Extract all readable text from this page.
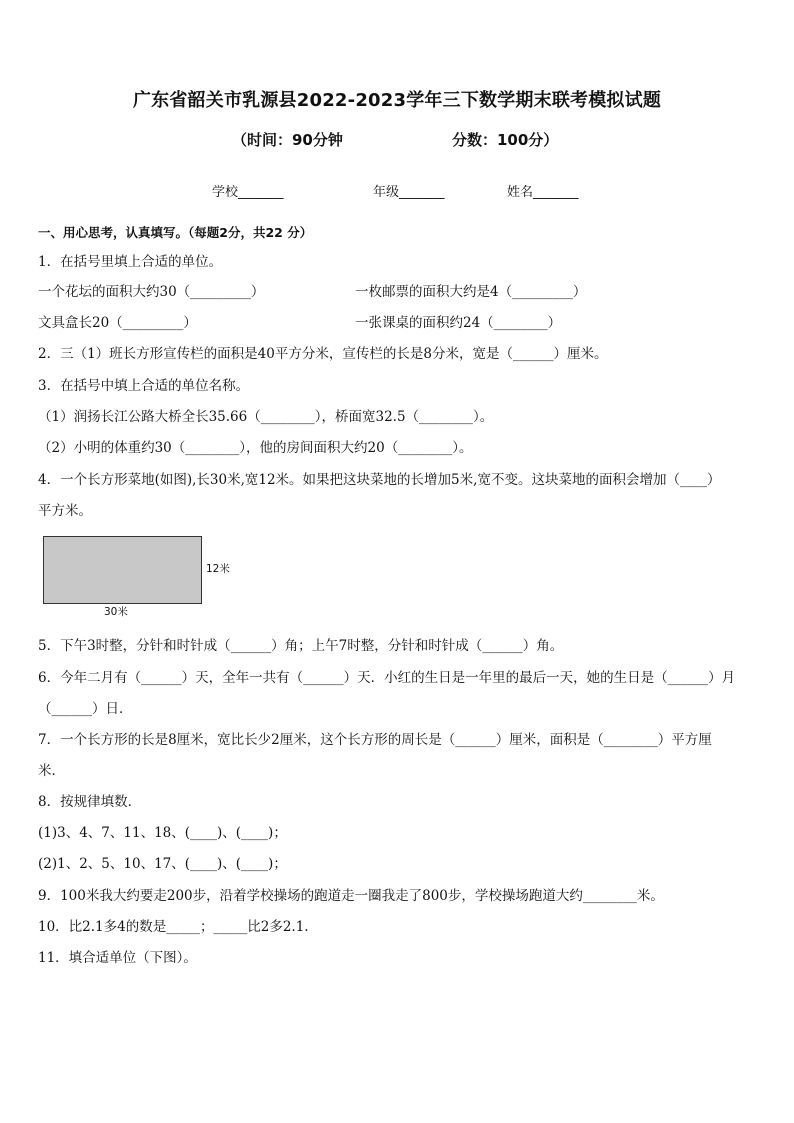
广东省韶关市乳源县2022-2023学年三下数学期末联考模拟试题
（时间：90分钟	分数：100分）
学校_______	年级_______	姓名_______
一、用心思考，认真填写。（每题2分，共22 分）
1．在括号里填上合适的单位。
一个花坛的面积大约30（_________）	一枚邮票的面积大约是4（_________）
文具盒长20（_________）	一张课桌的面积约24（________）
2．三（1）班长方形宣传栏的面积是40平方分米，宣传栏的长是8分米，宽是（______）厘米。
3．在括号中填上合适的单位名称。
（1）润扬长江公路大桥全长35.66（________），桥面宽32.5（________）。
（2）小明的体重约30（________），他的房间面积大约20（________）。
4．一个长方形菜地(如图),长30米,宽12米。如果把这块菜地的长增加5米,宽不变。这块菜地的面积会增加（____）
平方米。
12米
30米
5．下午3时整，分针和时针成（______）角；上午7时整，分针和时针成（______）角。
6．今年二月有（______）天，全年一共有（______）天．小红的生日是一年里的最后一天，她的生日是（______）月
（______）日．
7．一个长方形的长是8厘米，宽比长少2厘米，这个长方形的周长是（______）厘米，面积是（________）平方厘
米．
8．按规律填数．
(1)3、4、7、11、18、(____)、(____)；
(2)1、2、5、10、17、(____)、(____)；
9．100米我大约要走200步，沿着学校操场的跑道走一圈我走了800步，学校操场跑道大约________米。
10．比2.1多4的数是_____；_____比2多2.1.
11．填合适单位（下图）。
